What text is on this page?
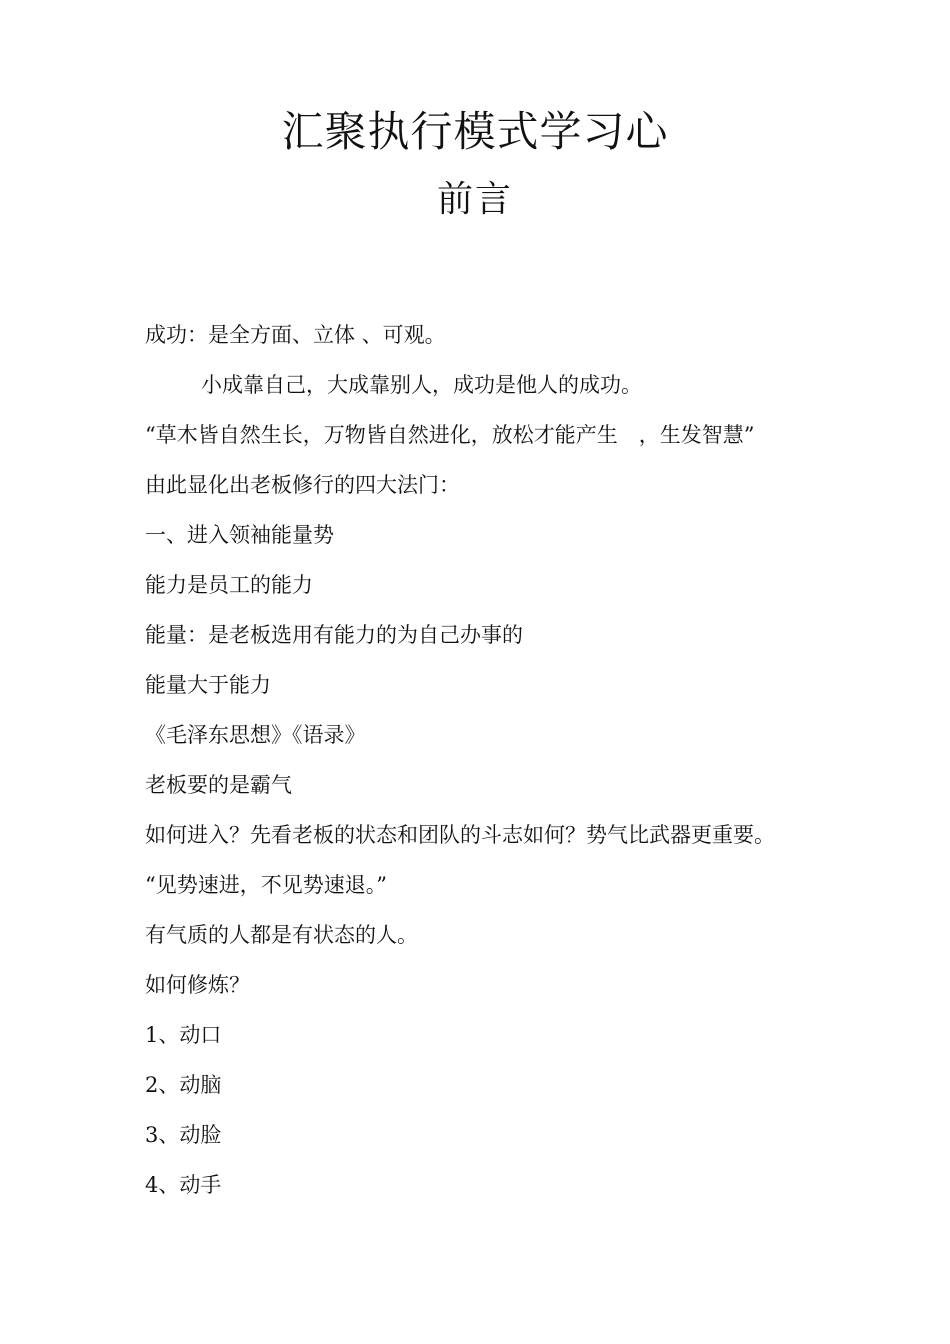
汇聚执行模式学习心
前言
成功：是全方面、立体 、可观。
小成靠自己，大成靠别人，成功是他人的成功。
“草木皆自然生长，万物皆自然进化，放松才能产生　，生发智慧”
由此显化出老板修行的四大法门：
一、进入领袖能量势
能力是员工的能力
能量：是老板选用有能力的为自己办事的
能量大于能力
《毛泽东思想》《语录》
老板要的是霸气
如何进入？先看老板的状态和团队的斗志如何？势气比武器更重要。
“见势速进，不见势速退。”
有气质的人都是有状态的人。
如何修炼？
1、动口
2、动脑
3、动脸
4、动手
